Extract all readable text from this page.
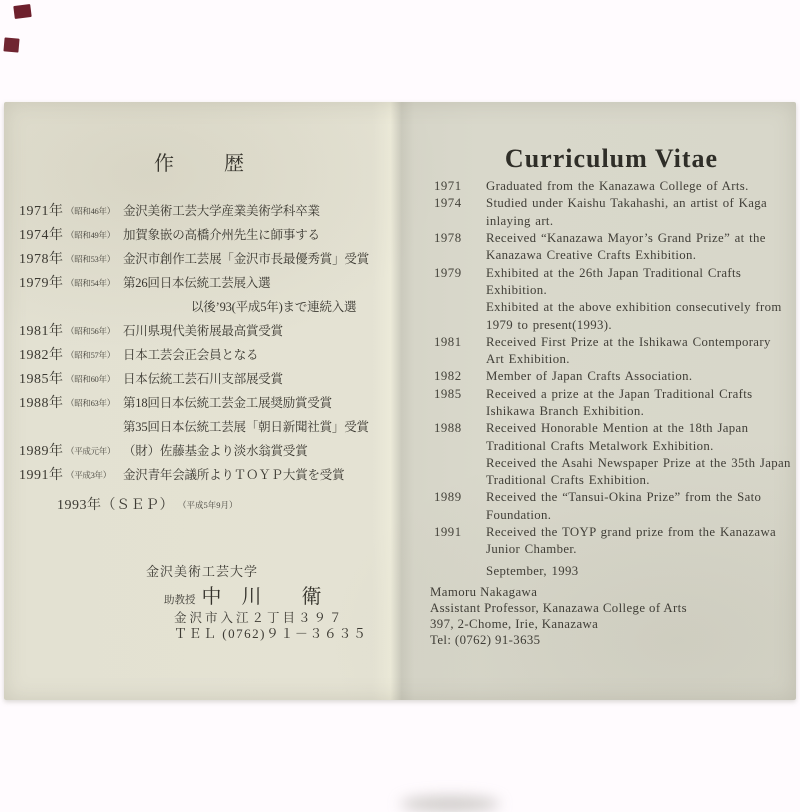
作歴
1971年 （昭和46年） 金沢美術工芸大学産業美術学科卒業
1974年 （昭和49年） 加賀象嵌の高橋介州先生に師事する
1978年 （昭和53年） 金沢市創作工芸展「金沢市長最優秀賞」受賞
1979年 （昭和54年） 第26回日本伝統工芸展入選
以後’93(平成5年)まで連続入選
1981年 （昭和56年） 石川県現代美術展最高賞受賞
1982年 （昭和57年） 日本工芸会正会員となる
1985年 （昭和60年） 日本伝統工芸石川支部展受賞
1988年 （昭和63年） 第18回日本伝統工芸金工展奨励賞受賞
第35回日本伝統工芸展「朝日新聞社賞」受賞
1989年 （平成元年） （財）佐藤基金より淡水翁賞受賞
1991年 （平成3年） 金沢青年会議所よりＴＯＹＰ大賞を受賞
1993年（ＳＥＰ） （平成5年9月）
金沢美術工芸大学
助教授 中　川　　衛
金沢市入江２丁目３９７
ＴＥＬ (0762)９１－３６３５
Curriculum Vitae
1971	Graduated from the Kanazawa College of Arts.
1974	Studied under Kaishu Takahashi, an artist of Kaga
inlaying art.
1978	Received “Kanazawa Mayor’s Grand Prize” at the
Kanazawa Creative Crafts Exhibition.
1979	Exhibited at the 26th Japan Traditional Crafts
Exhibition.
Exhibited at the above exhibition consecutively from
1979 to present(1993).
1981	Received First Prize at the Ishikawa Contemporary
Art Exhibition.
1982	Member of Japan Crafts Association.
1985	Received a prize at the Japan Traditional Crafts
Ishikawa Branch Exhibition.
1988	Received Honorable Mention at the 18th Japan
Traditional Crafts Metalwork Exhibition.
Received the Asahi Newspaper Prize at the 35th Japan
Traditional Crafts Exhibition.
1989	Received the “Tansui-Okina Prize” from the Sato
Foundation.
1991	Received the TOYP grand prize from the Kanazawa
Junior Chamber.
September, 1993
Mamoru Nakagawa
Assistant Professor, Kanazawa College of Arts
397, 2-Chome, Irie, Kanazawa
Tel: (0762) 91-3635
